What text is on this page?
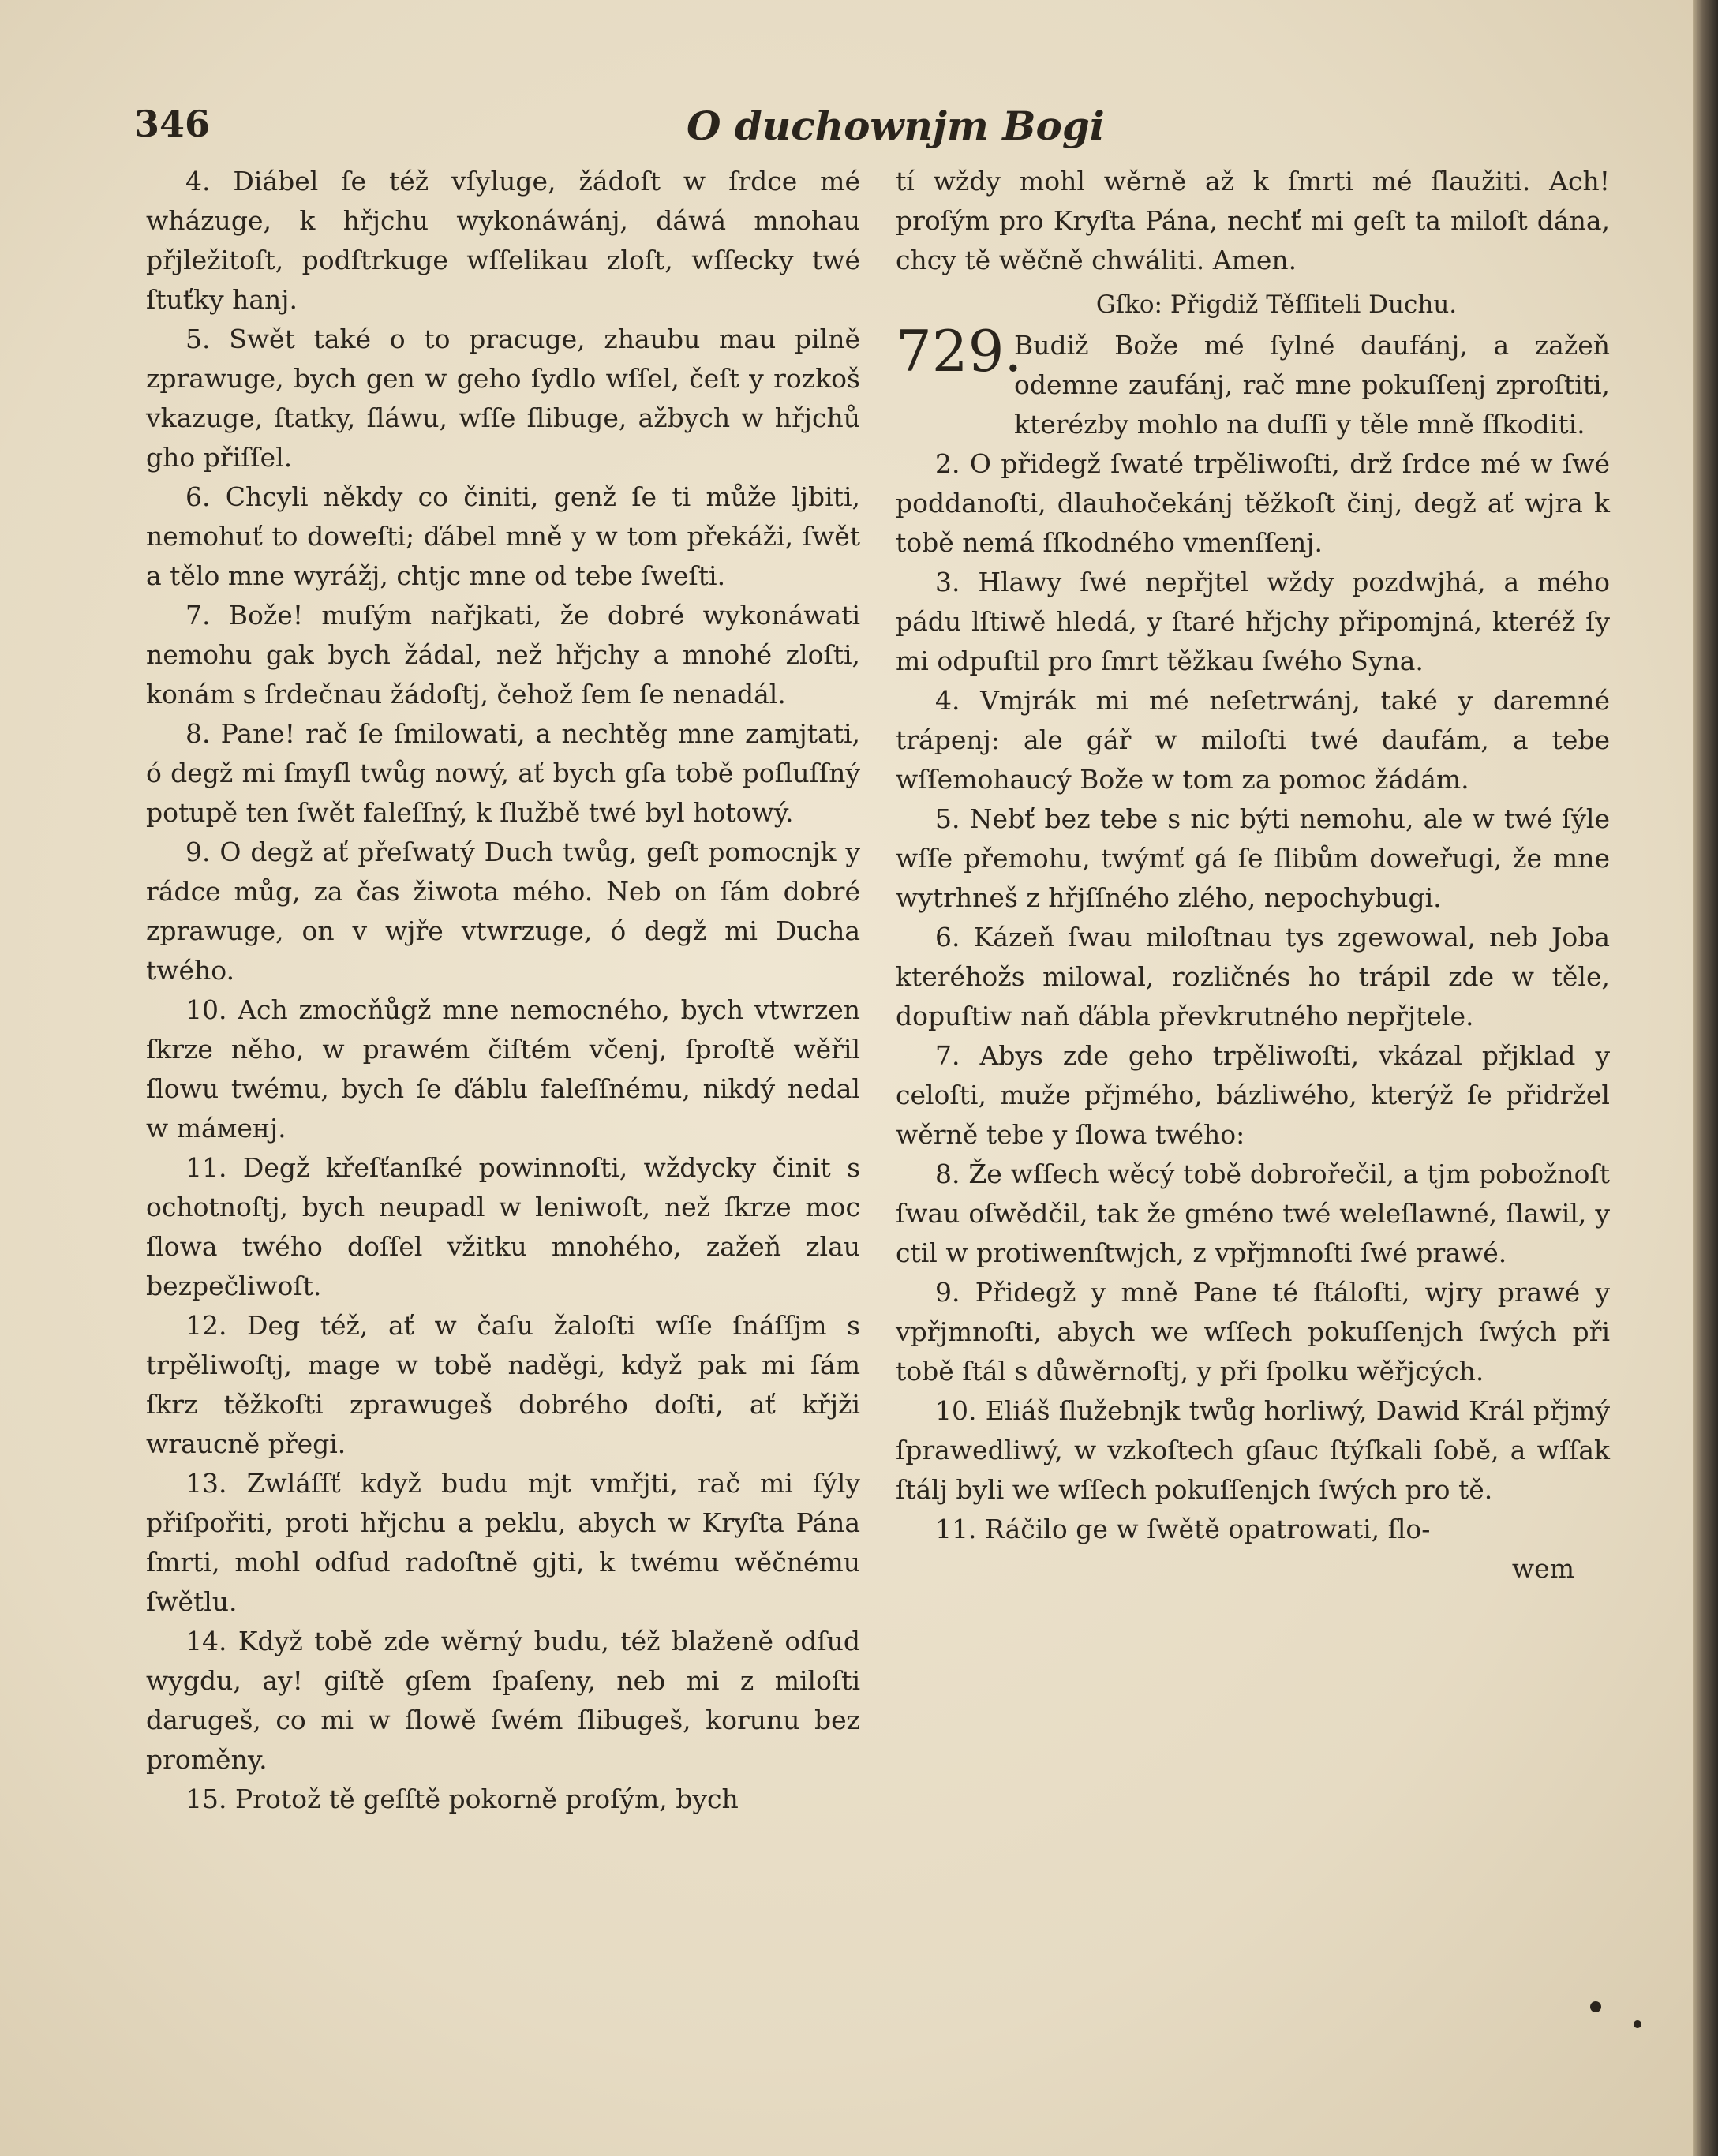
346	O duchownjm Bogi

4. Diábel ſe též vſyluge, žádoſt w ſrdce mé wházuge, k hřjchu wykonáwánj, dáwá mnohau přjležitoſt, podſtrkuge wſſelikau zloſt, wſſecky twé ſtuťky hanj.

5. Swět také o to pracuge, zhaubu mau pilně zprawuge, bych gen w geho ſydlo wſſel, čeſt y rozkoš vkazuge, ſtatky, ſláwu, wſſe ſlibuge, ažbych w hřjchů gho přiſſel.

6. Chcyli někdy co činiti, genž ſe ti může ljbiti, nemohuť to doweſti; ďábel mně y w tom překáži, ſwět a tělo mne wyrážj, chtjc mne od tebe ſweſti.

7. Bože! muſým nařjkati, že dobré wykonáwati nemohu gak bych žádal, než hřjchy a mnohé zloſti, konám s ſrdečnau žádoſtj, čehož ſem ſe nenadál.

8. Pane! rač ſe ſmilowati, a nechtěg mne zamjtati, ó degž mi ſmyſl twůg nowý, ať bych gſa tobě poſluſſný potupě ten ſwět faleſſný, k ſlužbě twé byl hotowý.

9. O degž ať přeſwatý Duch twůg, geſt pomocnjk y rádce můg, za čas žiwota mého. Neb on ſám dobré zprawuge, on v wjře vtwrzuge, ó degž mi Ducha twého.

10. Ach zmocňůgž mne nemocného, bych vtwrzen ſkrze něho, w prawém čiſtém včenj, ſproſtě wěřil ſlowu twému, bych ſe ďáblu faleſſnému, nikdý nedal w máменj.

11. Degž křeſťanſké powinnoſti, wždycky činit s ochotnoſtj, bych neupadl w leniwoſt, než ſkrze moc ſlowa twého doſſel vžitku mnohého, zažeň zlau bezpečliwoſt.

12. Deg též, ať w čaſu žaloſti wſſe ſnáſſjm s trpěliwoſtj, mage w tobě naděgi, když pak mi ſám ſkrz těžkoſti zprawugeš dobrého doſti, ať křjži wraucně přegi.

13. Zwláſſť když budu mjt vmřjti, rač mi ſýly přiſpořiti, proti hřjchu a peklu, abych w Kryſta Pána ſmrti, mohl odſud radoſtně gjti, k twému wěčnému ſwětlu.

14. Když tobě zde wěrný budu, též blaženě odſud wygdu, ay! giſtě gſem ſpaſeny, neb mi z miloſti darugeš, co mi w ſlowě ſwém ſlibugeš, korunu bez proměny.

15. Protož tě geſſtě pokorně proſým, bych

tí wždy mohl wěrně až k ſmrti mé ſlaužiti. Ach! proſým pro Kryſta Pána, nechť mi geſt ta miloſt dána, chcy tě wěčně chwáliti. Amen.

Gſkо: Přigdiž Těſſiteli Duchu.

729.
Budiž Bože mé ſylné daufánj, a zažeň odemne zaufánj, rač mne pokuſſenj zproſtiti, kterézby mohlo na duſſi y těle mně ſſkoditi.

2. O přidegž ſwaté trpěliwoſti, drž ſrdce mé w ſwé poddanoſti, dlauhočekánj těžkoſt činj, degž ať wjra k tobě nemá ſſkodného vmenſſenj.

3. Hlawy ſwé nepřjtel wždy pozdwjhá, a mého pádu lſtiwě hledá, y ſtaré hřjchy připomjná, kteréž ſy mi odpuſtil pro ſmrt těžkau ſwého Syna.

4. Vmjrák mi mé neſetrwánj, také y daremné trápenj: ale gář w miloſti twé daufám, a tebe wſſemohaucý Bože w tom za pomoc žádám.

5. Nebť bez tebe s nic býti nemohu, ale w twé ſýle wſſe přemohu, twýmť gá ſe ſlibům doweřugi, že mne wytrhneš z hřjſſného zlého, nepochybugi.

6. Kázeň ſwau miloſtnau tys zgewowal, neb Joba kteréhožs milowal, rozličnés ho trápil zde w těle, dopuſtiw naň ďábla převkrutného nepřjtele.

7. Abys zde geho trpěliwoſti, vkázal přjklad y celoſti, muže přjmého, bázliwého, kterýž ſe přidržel wěrně tebe y ſlowa twého:

8. Že wſſech wěcý tobě dobrořečil, a tjm pobožnoſt ſwau oſwědčil, tak že gméno twé weleſlawné, ſlawil, y ctil w protiwenſtwjch, z vpřjmnoſti ſwé prawé.

9. Přidegž y mně Pane té ſtáloſti, wjry prawé y vpřjmnoſti, abych we wſſech pokuſſenjch ſwých při tobě ſtál s důwěrnoſtj, y při ſpolku wěřjcých.

10. Eliáš ſlužebnjk twůg horliwý, Dawid Král přjmý ſprawedliwý, w vzkoſtech gſauc ſtýſkali ſobě, a wſſak ſtálj byli we wſſech pokuſſenjch ſwých pro tě.

11. Ráčilo ge w ſwětě opatrowati, ſlo-

wem
